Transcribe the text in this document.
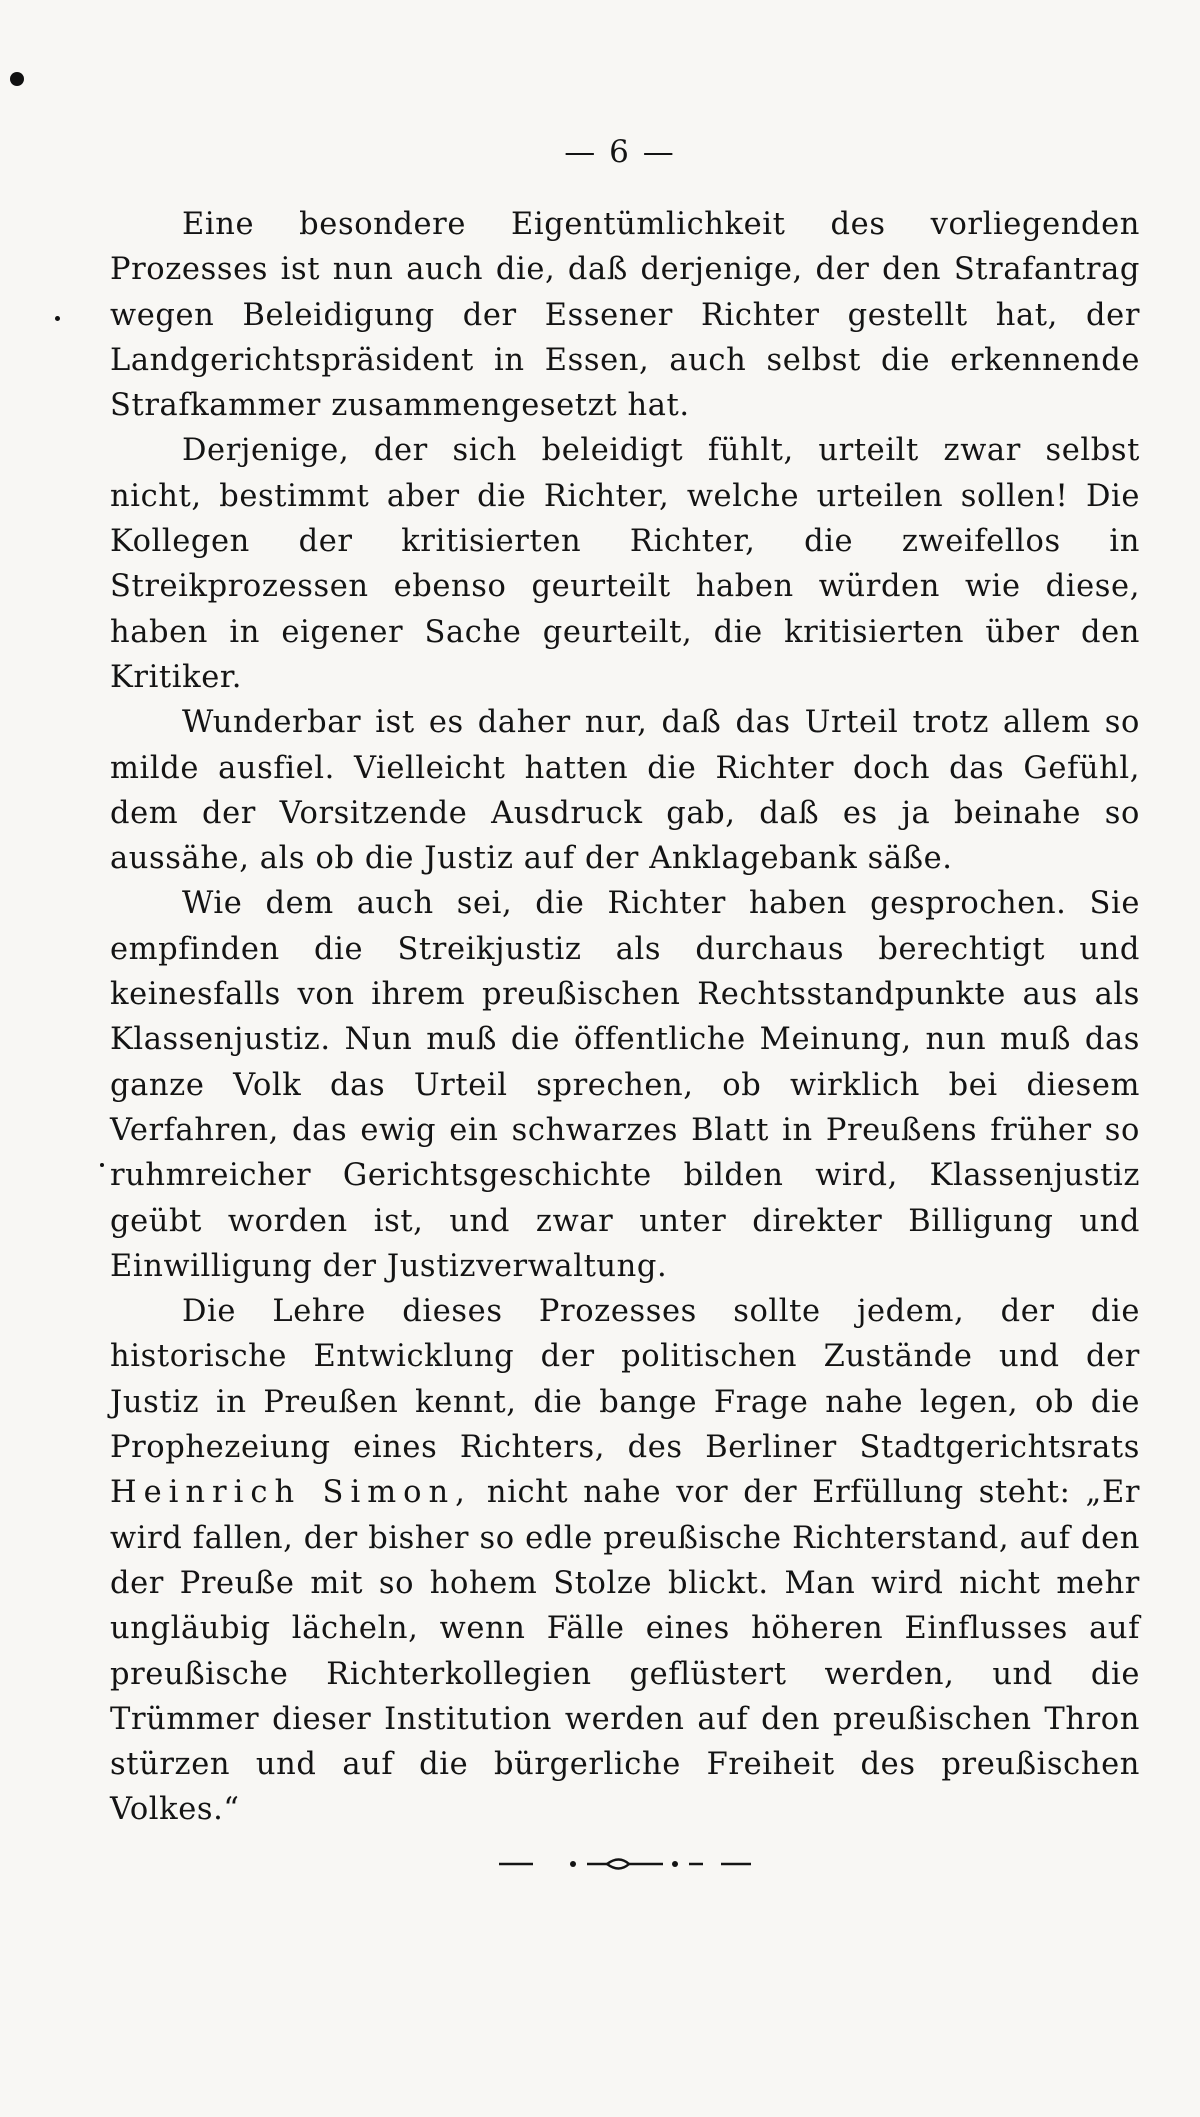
— 6 —

Eine besondere Eigentümlichkeit des vorliegenden Prozesses ist nun auch die, daß derjenige, der den Strafantrag wegen Beleidigung der Essener Richter gestellt hat, der Landgerichtspräsident in Essen, auch selbst die erkennende Strafkammer zusammengesetzt hat.

Derjenige, der sich beleidigt fühlt, urteilt zwar selbst nicht, bestimmt aber die Richter, welche urteilen sollen! Die Kollegen der kritisierten Richter, die zweifellos in Streikprozessen ebenso geurteilt haben würden wie diese, haben in eigener Sache geurteilt, die kritisierten über den Kritiker.

Wunderbar ist es daher nur, daß das Urteil trotz allem so milde ausfiel. Vielleicht hatten die Richter doch das Gefühl, dem der Vorsitzende Ausdruck gab, daß es ja beinahe so aussähe, als ob die Justiz auf der Anklagebank säße.

Wie dem auch sei, die Richter haben gesprochen. Sie empfinden die Streikjustiz als durchaus berechtigt und keinesfalls von ihrem preußischen Rechtsstandpunkte aus als Klassenjustiz. Nun muß die öffentliche Meinung, nun muß das ganze Volk das Urteil sprechen, ob wirklich bei diesem Verfahren, das ewig ein schwarzes Blatt in Preußens früher so ruhmreicher Gerichtsgeschichte bilden wird, Klassenjustiz geübt worden ist, und zwar unter direkter Billigung und Einwilligung der Justizverwaltung.

Die Lehre dieses Prozesses sollte jedem, der die historische Entwicklung der politischen Zustände und der Justiz in Preußen kennt, die bange Frage nahe legen, ob die Prophezeiung eines Richters, des Berliner Stadtgerichtsrats Heinrich Simon, nicht nahe vor der Erfüllung steht: „Er wird fallen, der bisher so edle preußische Richterstand, auf den der Preuße mit so hohem Stolze blickt. Man wird nicht mehr ungläubig lächeln, wenn Fälle eines höheren Einflusses auf preußische Richterkollegien geflüstert werden, und die Trümmer dieser Institution werden auf den preußischen Thron stürzen und auf die bürgerliche Freiheit des preußischen Volkes.“
